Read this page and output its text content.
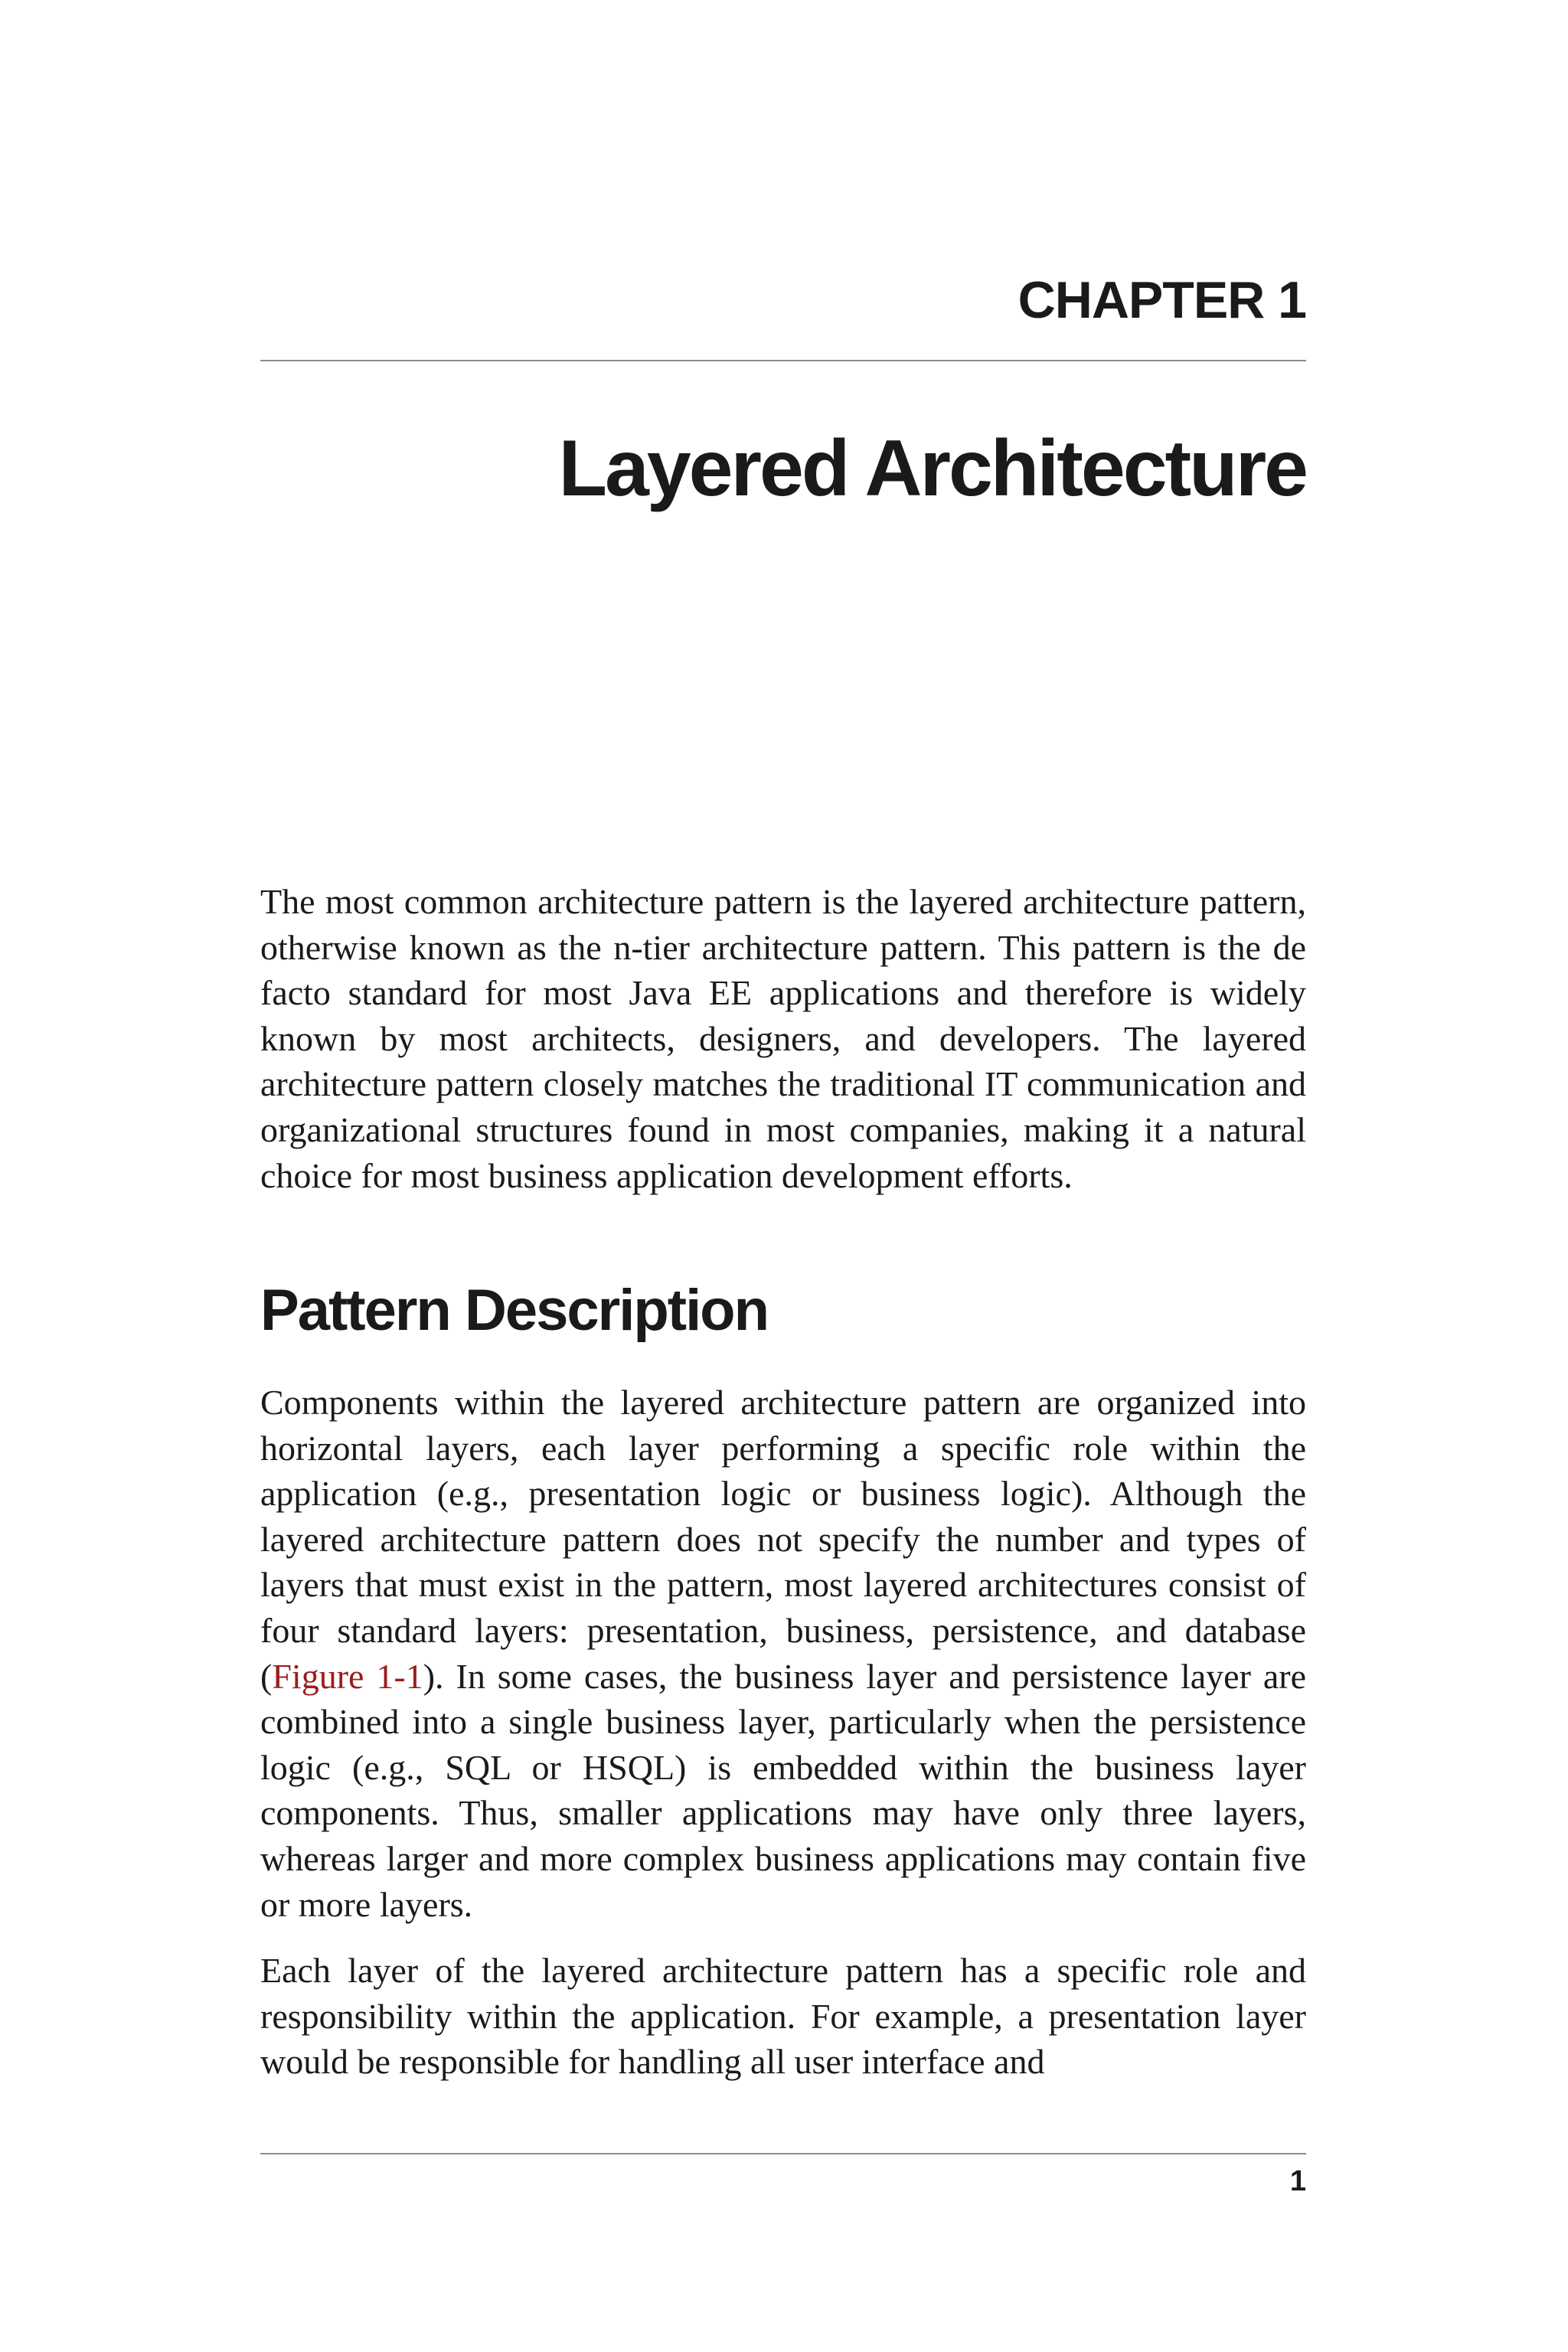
CHAPTER 1
Layered Architecture

The most common architecture pattern is the layered architecture pattern, otherwise known as the n-tier architecture pattern. This pattern is the de facto standard for most Java EE applications and therefore is widely known by most architects, designers, and developers. The layered architecture pattern closely matches the traditional IT communication and organizational structures found in most companies, making it a natural choice for most business application development efforts.

Pattern Description

Components within the layered architecture pattern are organized into horizontal layers, each layer performing a specific role within the application (e.g., presentation logic or business logic). Although the layered architecture pattern does not specify the number and types of layers that must exist in the pattern, most layered architectures consist of four standard layers: presentation, business, persistence, and database (Figure 1-1). In some cases, the business layer and persistence layer are combined into a single business layer, particularly when the persistence logic (e.g., SQL or HSQL) is embedded within the business layer components. Thus, smaller applications may have only three layers, whereas larger and more complex business applications may contain five or more layers.

Each layer of the layered architecture pattern has a specific role and responsibility within the application. For example, a presentation layer would be responsible for handling all user interface and

1
